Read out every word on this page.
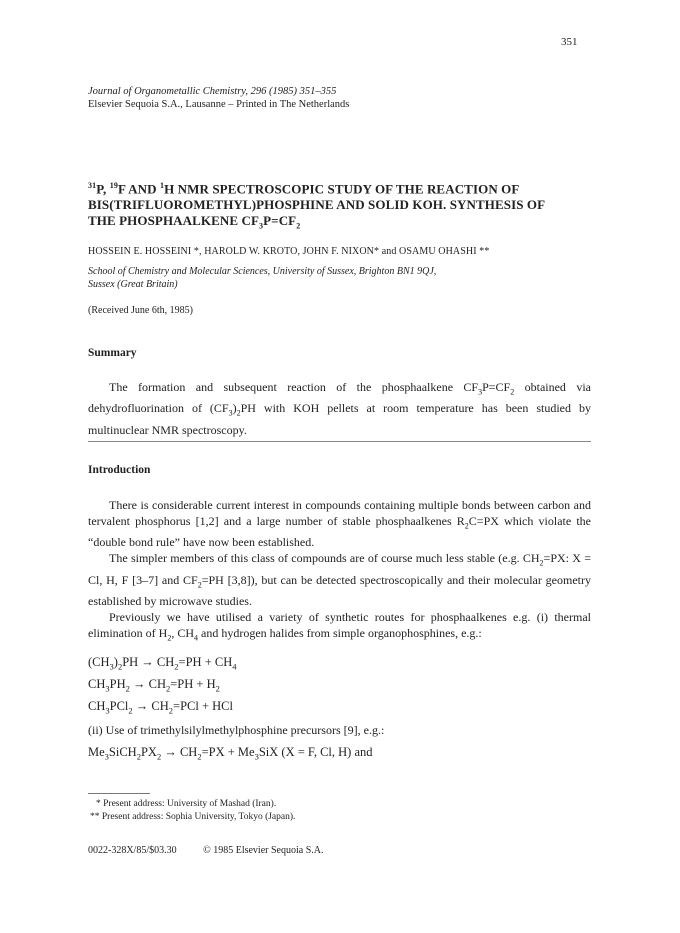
351
Journal of Organometallic Chemistry, 296 (1985) 351–355
Elsevier Sequoia S.A., Lausanne – Printed in The Netherlands
$^{31}$P, $^{19}$F AND $^1$H NMR SPECTROSCOPIC STUDY OF THE REACTION OF
BIS(TRIFLUOROMETHYL)PHOSPHINE AND SOLID KOH. SYNTHESIS OF
THE PHOSPHAALKENE $CF_3P=CF_2$
HOSSEIN E. HOSSEINI *, HAROLD W. KROTO, JOHN F. NIXON* and OSAMU OHASHI **
School of Chemistry and Molecular Sciences, University of Sussex, Brighton BN1 9QJ,
Sussex (Great Britain)
(Received June 6th, 1985)
Summary

The formation and subsequent reaction of the phosphaalkene $CF_3P=CF_2$ obtained via dehydrofluorination of $(CF_3)_2PH$ with KOH pellets at room temperature has been studied by multinuclear NMR spectroscopy.

Introduction

There is considerable current interest in compounds containing multiple bonds between carbon and tervalent phosphorus [1,2] and a large number of stable phosphaalkenes $R_2C=PX$ which violate the “double bond rule” have now been established.

The simpler members of this class of compounds are of course much less stable (e.g. $CH_2=PX$: X = Cl, H, F [3–7] and $CF_2=PH$ [3,8]), but can be detected spectroscopically and their molecular geometry established by microwave studies.

Previously we have utilised a variety of synthetic routes for phosphaalkenes e.g. (i) thermal elimination of $H_2$, $CH_4$ and hydrogen halides from simple organophosphines, e.g.:

$(CH_3)_2PH \to CH_2=PH + CH_4$
$CH_3PH_2 \to CH_2=PH + H_2$
$CH_3PCl_2 \to CH_2=PCl$ + HCl
(ii) Use of trimethylsilylmethylphosphine precursors [9], e.g.:
$Me_3SiCH_2PX_2 \to CH_2=PX + Me_3SiX$ (X = F, Cl, H) and
* Present address: University of Mashad (Iran).
** Present address: Sophia University, Tokyo (Japan).
0022-328X/85/$03.30	© 1985 Elsevier Sequoia S.A.
